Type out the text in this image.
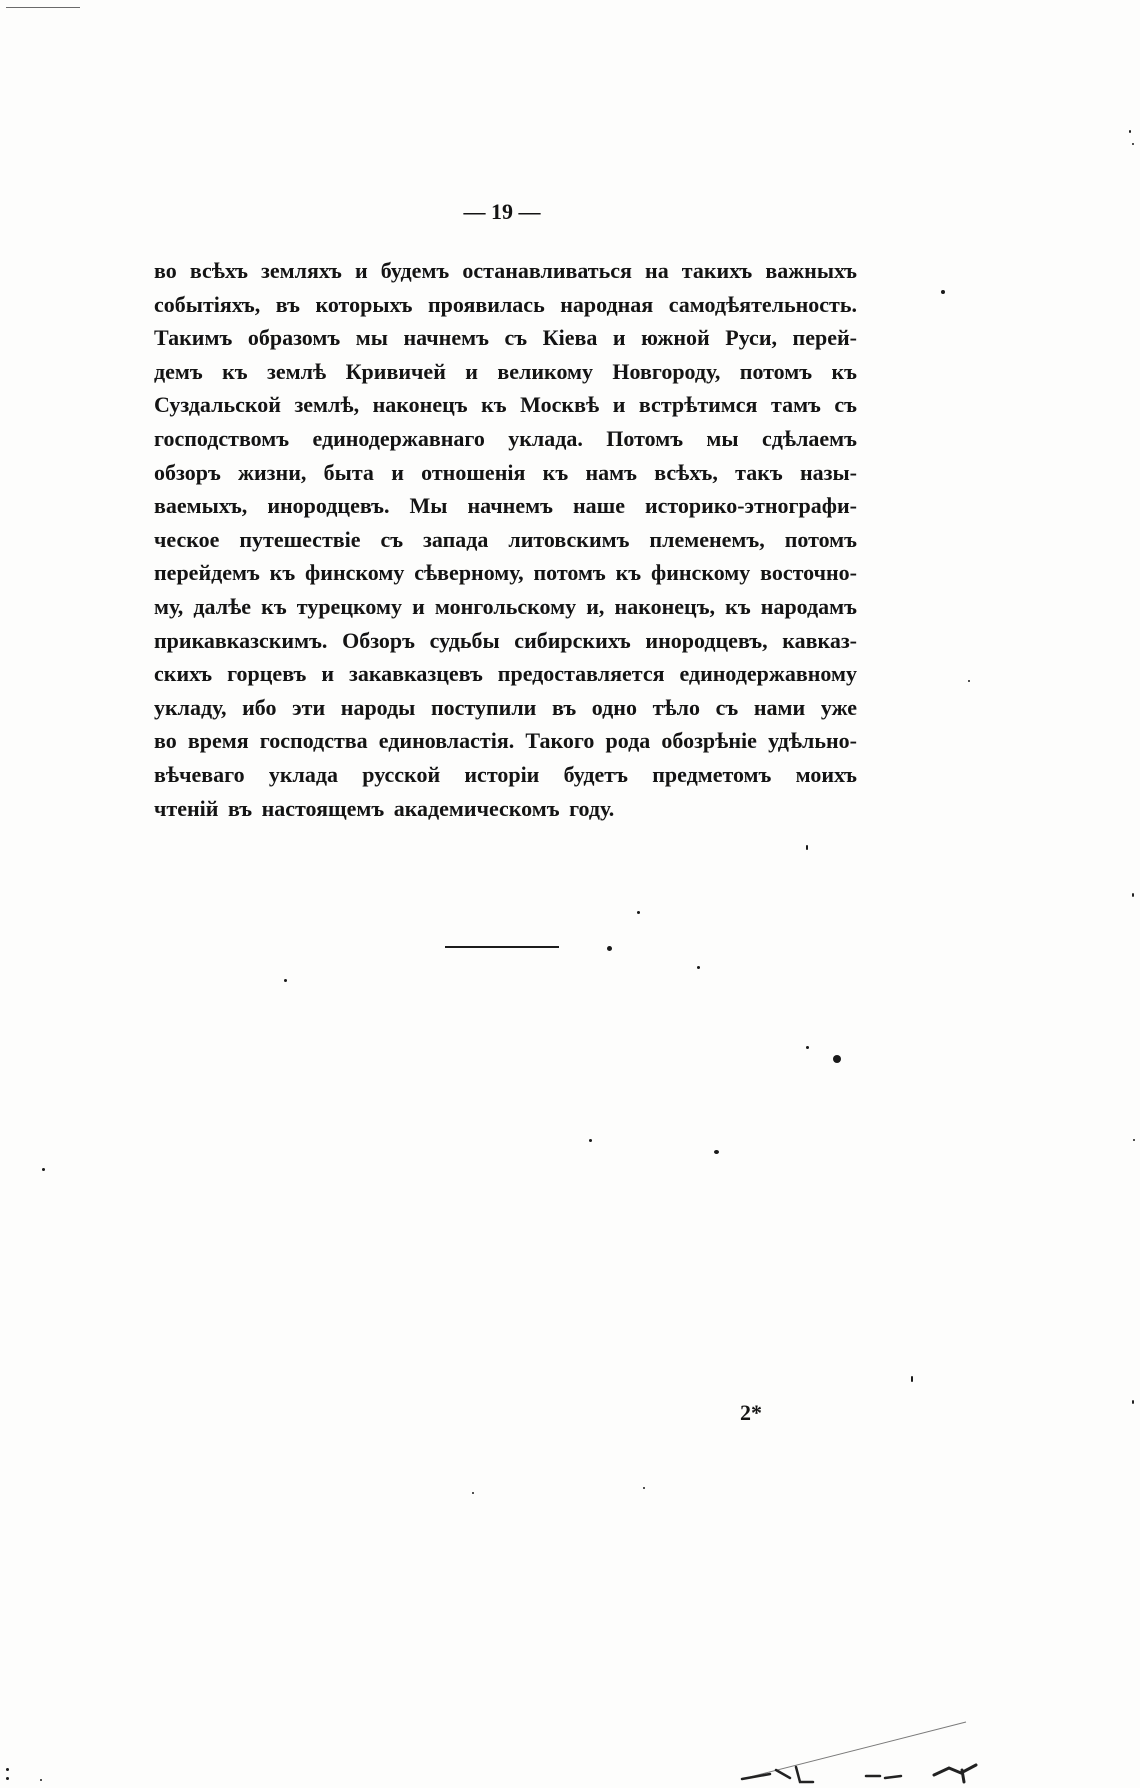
— 19 —
во всѣхъ земляхъ и будемъ останавливаться на такихъ важныхъ
событіяхъ, въ которыхъ проявилась народная самодѣятельность.
Такимъ образомъ мы начнемъ съ Кіева и южной Руси, перей-
демъ къ землѣ Кривичей и великому Новгороду, потомъ къ
Суздальской землѣ, наконецъ къ Москвѣ и встрѣтимся тамъ съ
господствомъ единодержавнаго уклада. Потомъ мы сдѣлаемъ
обзоръ жизни, быта и отношенія къ намъ всѣхъ, такъ назы-
ваемыхъ, инородцевъ. Мы начнемъ наше историко-этнографи-
ческое путешествіе съ запада литовскимъ племенемъ, потомъ
перейдемъ къ финскому сѣверному, потомъ къ финскому восточно-
му, далѣе къ турецкому и монгольскому и, наконецъ, къ народамъ
прикавказскимъ. Обзоръ судьбы сибирскихъ инородцевъ, кавказ-
скихъ горцевъ и закавказцевъ предоставляется единодержавному
укладу, ибо эти народы поступили въ одно тѣло съ нами уже
во время господства единовластія. Такого рода обозрѣніе удѣльно-
вѣчеваго уклада русской исторіи будетъ предметомъ моихъ
чтеній въ настоящемъ академическомъ году.
2*
